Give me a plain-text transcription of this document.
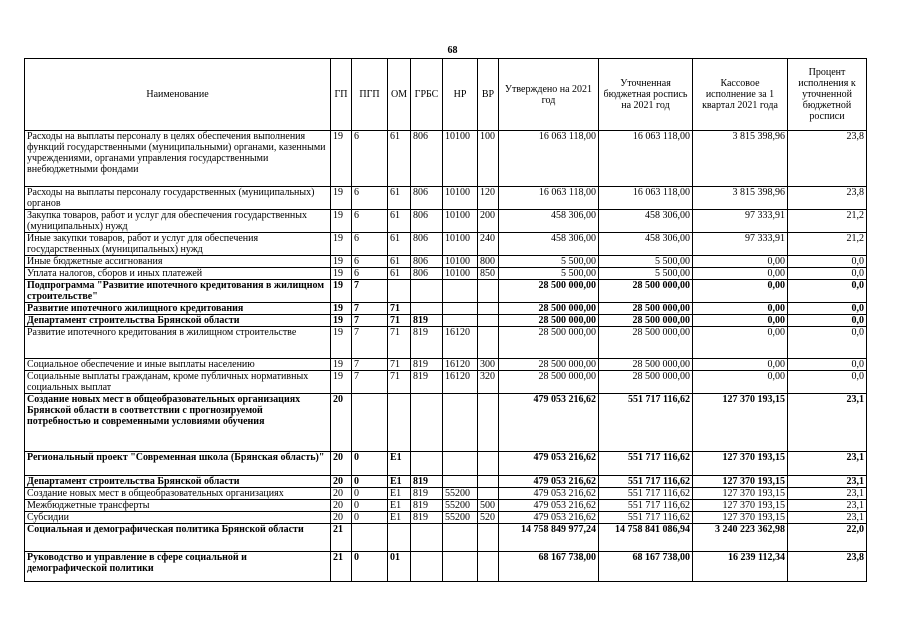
68
Наименование	ГП	ПГП	ОМ	ГРБС	НР	ВР	Утверждено на 2021 год	Уточненная бюджетная роспись на 2021 год	Кассовое исполнение за 1 квартал 2021 года	Процент исполнения к уточненной бюджетной росписи
Расходы на выплаты персоналу в целях обеспечения выполнения функций государственными (муниципальными) органами, казенными учреждениями, органами управления государственными внебюджетными фондами	19	6	61	806	10100	100	16 063 118,00	16 063 118,00	3 815 398,96	23,8
Расходы на выплаты персоналу государственных (муниципальных) органов	19	6	61	806	10100	120	16 063 118,00	16 063 118,00	3 815 398,96	23,8
Закупка товаров, работ и услуг для обеспечения государственных (муниципальных) нужд	19	6	61	806	10100	200	458 306,00	458 306,00	97 333,91	21,2
Иные закупки товаров, работ и услуг для обеспечения государственных (муниципальных) нужд	19	6	61	806	10100	240	458 306,00	458 306,00	97 333,91	21,2
Иные бюджетные ассигнования	19	6	61	806	10100	800	5 500,00	5 500,00	0,00	0,0
Уплата налогов, сборов и иных платежей	19	6	61	806	10100	850	5 500,00	5 500,00	0,00	0,0
Подпрограмма "Развитие ипотечного кредитования в жилищном строительстве"	19	7					28 500 000,00	28 500 000,00	0,00	0,0
Развитие ипотечного жилищного кредитования	19	7	71				28 500 000,00	28 500 000,00	0,00	0,0
Департамент строительства Брянской области	19	7	71	819			28 500 000,00	28 500 000,00	0,00	0,0
Развитие ипотечного кредитования в жилищном строительстве	19	7	71	819	16120		28 500 000,00	28 500 000,00	0,00	0,0
Социальное обеспечение и иные выплаты населению	19	7	71	819	16120	300	28 500 000,00	28 500 000,00	0,00	0,0
Социальные выплаты гражданам, кроме публичных нормативных социальных выплат	19	7	71	819	16120	320	28 500 000,00	28 500 000,00	0,00	0,0
Создание новых мест в общеобразовательных организациях Брянской области в соответствии с прогнозируемой потребностью и современными условиями обучения	20						479 053 216,62	551 717 116,62	127 370 193,15	23,1
Региональный проект "Современная школа (Брянская область)"	20	0	Е1				479 053 216,62	551 717 116,62	127 370 193,15	23,1
Департамент строительства Брянской области	20	0	Е1	819			479 053 216,62	551 717 116,62	127 370 193,15	23,1
Создание новых мест в общеобразовательных организациях	20	0	Е1	819	55200		479 053 216,62	551 717 116,62	127 370 193,15	23,1
Межбюджетные трансферты	20	0	Е1	819	55200	500	479 053 216,62	551 717 116,62	127 370 193,15	23,1
Субсидии	20	0	Е1	819	55200	520	479 053 216,62	551 717 116,62	127 370 193,15	23,1
Социальная и демографическая политика Брянской области	21						14 758 849 977,24	14 758 841 086,94	3 240 223 362,98	22,0
Руководство и управление в сфере социальной и демографической политики	21	0	01				68 167 738,00	68 167 738,00	16 239 112,34	23,8
